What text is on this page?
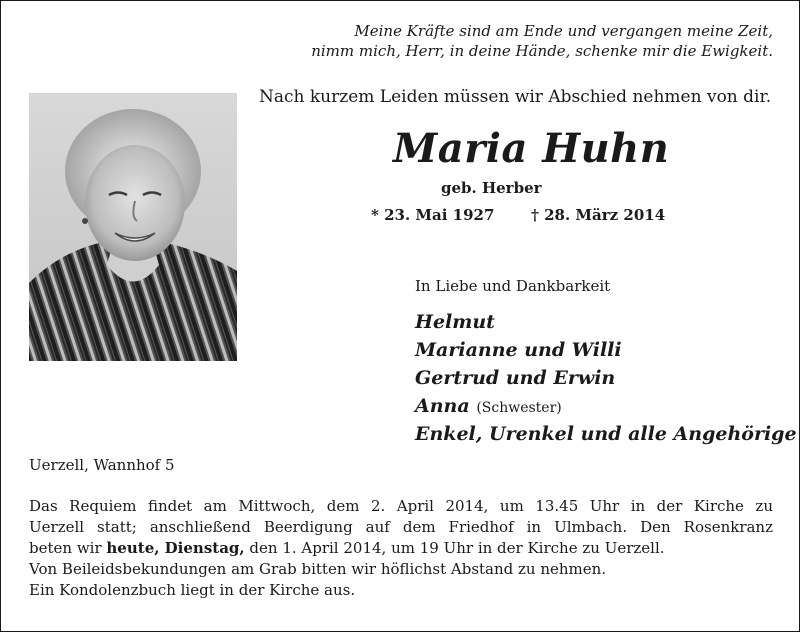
Meine Kräfte sind am Ende und vergangen meine Zeit,
nimm mich, Herr, in deine Hände, schenke mir die Ewigkeit.
Nach kurzem Leiden müssen wir Abschied nehmen von dir.
Maria Huhn
geb. Herber
* 23. Mai 1927 † 28. März 2014
In Liebe und Dankbarkeit
Helmut
Marianne und Willi
Gertrud und Erwin
Anna (Schwester)
Enkel, Urenkel und alle Angehörige
Uerzell, Wannhof 5

Das Requiem findet am Mittwoch, dem 2. April 2014, um 13.45 Uhr in der Kirche zu

Uerzell statt; anschließend Beerdigung auf dem Friedhof in Ulmbach. Den Rosenkranz

beten wir heute, Dienstag, den 1. April 2014, um 19 Uhr in der Kirche zu Uerzell.

Von Beileidsbekundungen am Grab bitten wir höflichst Abstand zu nehmen.

Ein Kondolenzbuch liegt in der Kirche aus.
